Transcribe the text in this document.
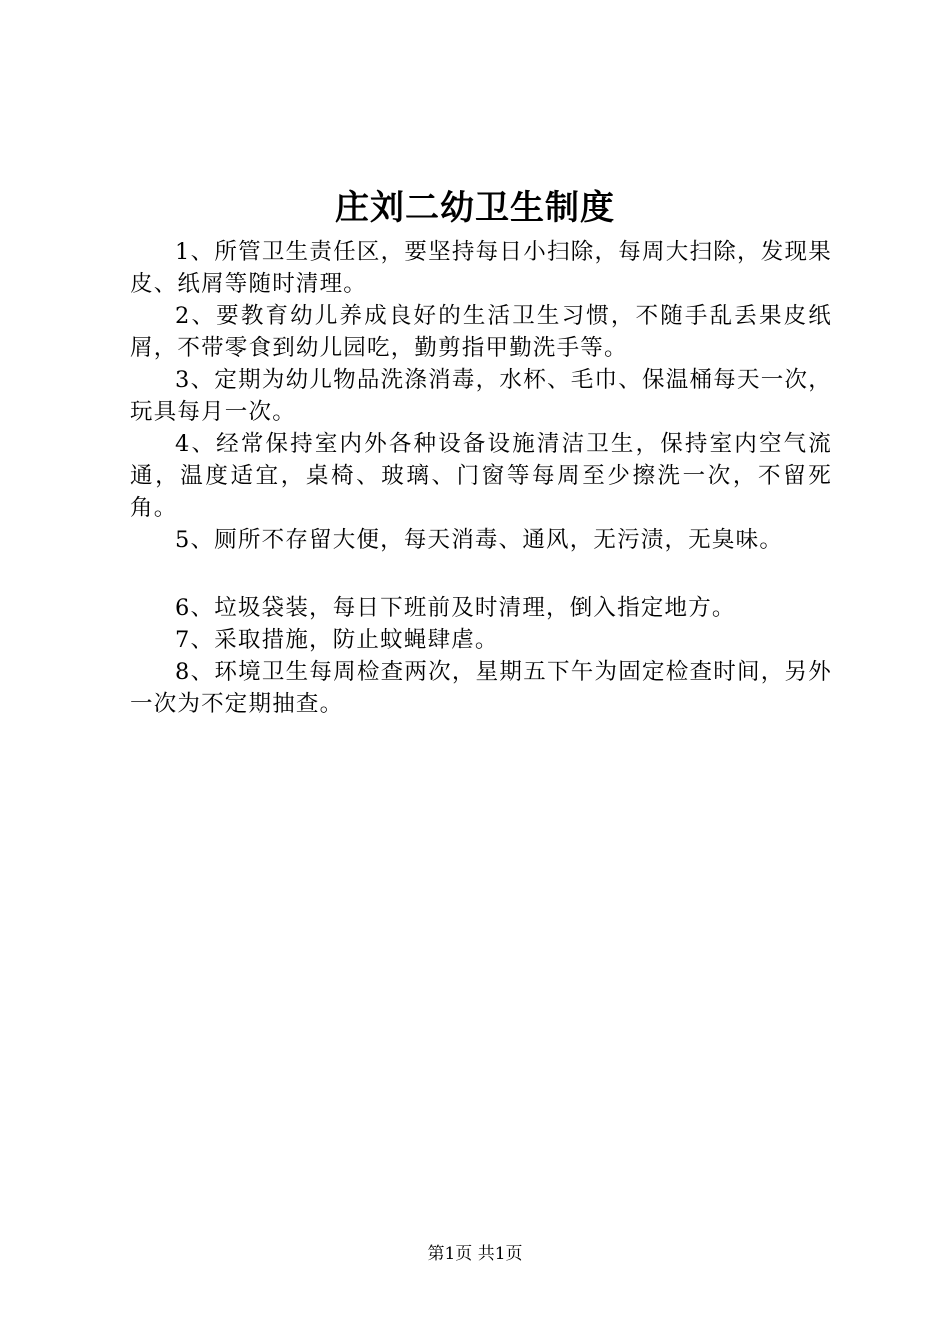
庄刘二幼卫生制度

1、所管卫生责任区，要坚持每日小扫除，每周大扫除，发现果皮、纸屑等随时清理。

2、要教育幼儿养成良好的生活卫生习惯，不随手乱丢果皮纸屑，不带零食到幼儿园吃，勤剪指甲勤洗手等。

3、定期为幼儿物品洗涤消毒，水杯、毛巾、保温桶每天一次，玩具每月一次。

4、经常保持室内外各种设备设施清洁卫生，保持室内空气流通，温度适宜，桌椅、玻璃、门窗等每周至少擦洗一次，不留死角。

5、厕所不存留大便，每天消毒、通风，无污渍，无臭味。

6、垃圾袋装，每日下班前及时清理，倒入指定地方。

7、采取措施，防止蚊蝇肆虐。

8、环境卫生每周检查两次，星期五下午为固定检查时间，另外一次为不定期抽查。

第1页 共1页
